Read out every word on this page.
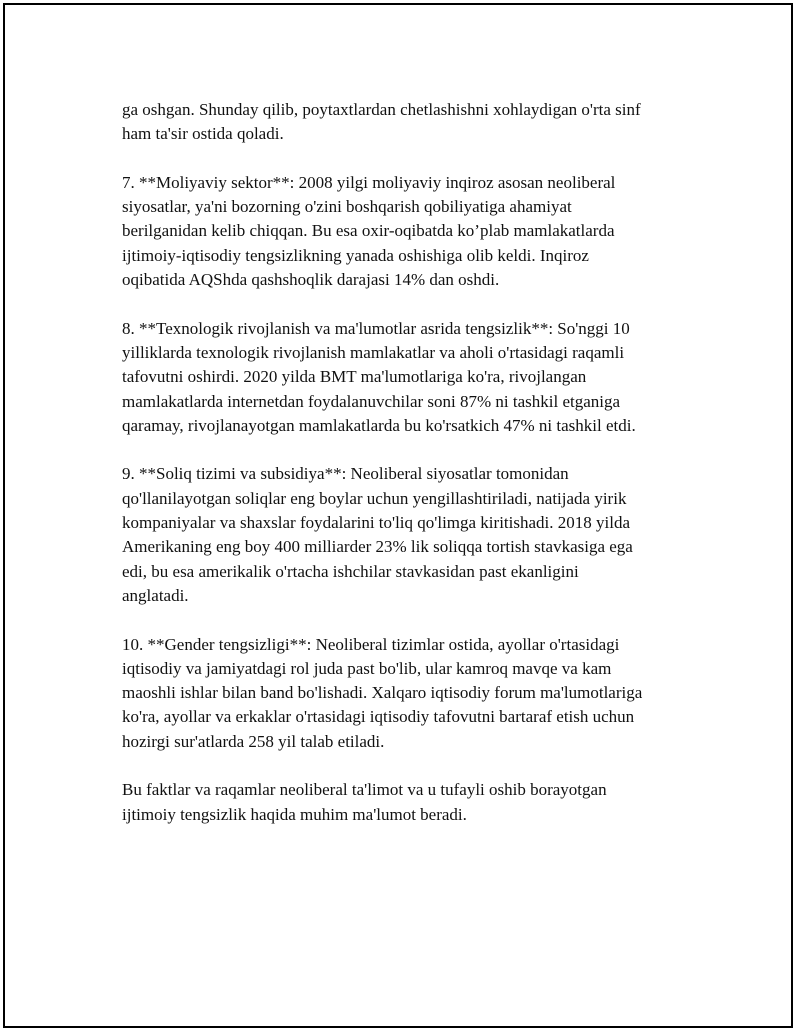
ga oshgan. Shunday qilib, poytaxtlardan chetlashishni xohlaydigan o'rta sinf
ham ta'sir ostida qoladi.

7. **Moliyaviy sektor**: 2008 yilgi moliyaviy inqiroz asosan neoliberal
siyosatlar, ya'ni bozorning o'zini boshqarish qobiliyatiga ahamiyat
berilganidan kelib chiqqan. Bu esa oxir-oqibatda ko’plab mamlakatlarda
ijtimoiy-iqtisodiy tengsizlikning yanada oshishiga olib keldi. Inqiroz
oqibatida AQShda qashshoqlik darajasi 14% dan oshdi.

8. **Texnologik rivojlanish va ma'lumotlar asrida tengsizlik**: So'nggi 10
yilliklarda texnologik rivojlanish mamlakatlar va aholi o'rtasidagi raqamli
tafovutni oshirdi. 2020 yilda BMT ma'lumotlariga ko'ra, rivojlangan
mamlakatlarda internetdan foydalanuvchilar soni 87% ni tashkil etganiga
qaramay, rivojlanayotgan mamlakatlarda bu ko'rsatkich 47% ni tashkil etdi.

9. **Soliq tizimi va subsidiya**: Neoliberal siyosatlar tomonidan
qo'llanilayotgan soliqlar eng boylar uchun yengillashtiriladi, natijada yirik
kompaniyalar va shaxslar foydalarini to'liq qo'limga kiritishadi. 2018 yilda
Amerikaning eng boy 400 milliarder 23% lik soliqqa tortish stavkasiga ega
edi, bu esa amerikalik o'rtacha ishchilar stavkasidan past ekanligini
anglatadi.

10. **Gender tengsizligi**: Neoliberal tizimlar ostida, ayollar o'rtasidagi
iqtisodiy va jamiyatdagi rol juda past bo'lib, ular kamroq mavqe va kam
maoshli ishlar bilan band bo'lishadi. Xalqaro iqtisodiy forum ma'lumotlariga
ko'ra, ayollar va erkaklar o'rtasidagi iqtisodiy tafovutni bartaraf etish uchun
hozirgi sur'atlarda 258 yil talab etiladi.

Bu faktlar va raqamlar neoliberal ta'limot va u tufayli oshib borayotgan
ijtimoiy tengsizlik haqida muhim ma'lumot beradi.
